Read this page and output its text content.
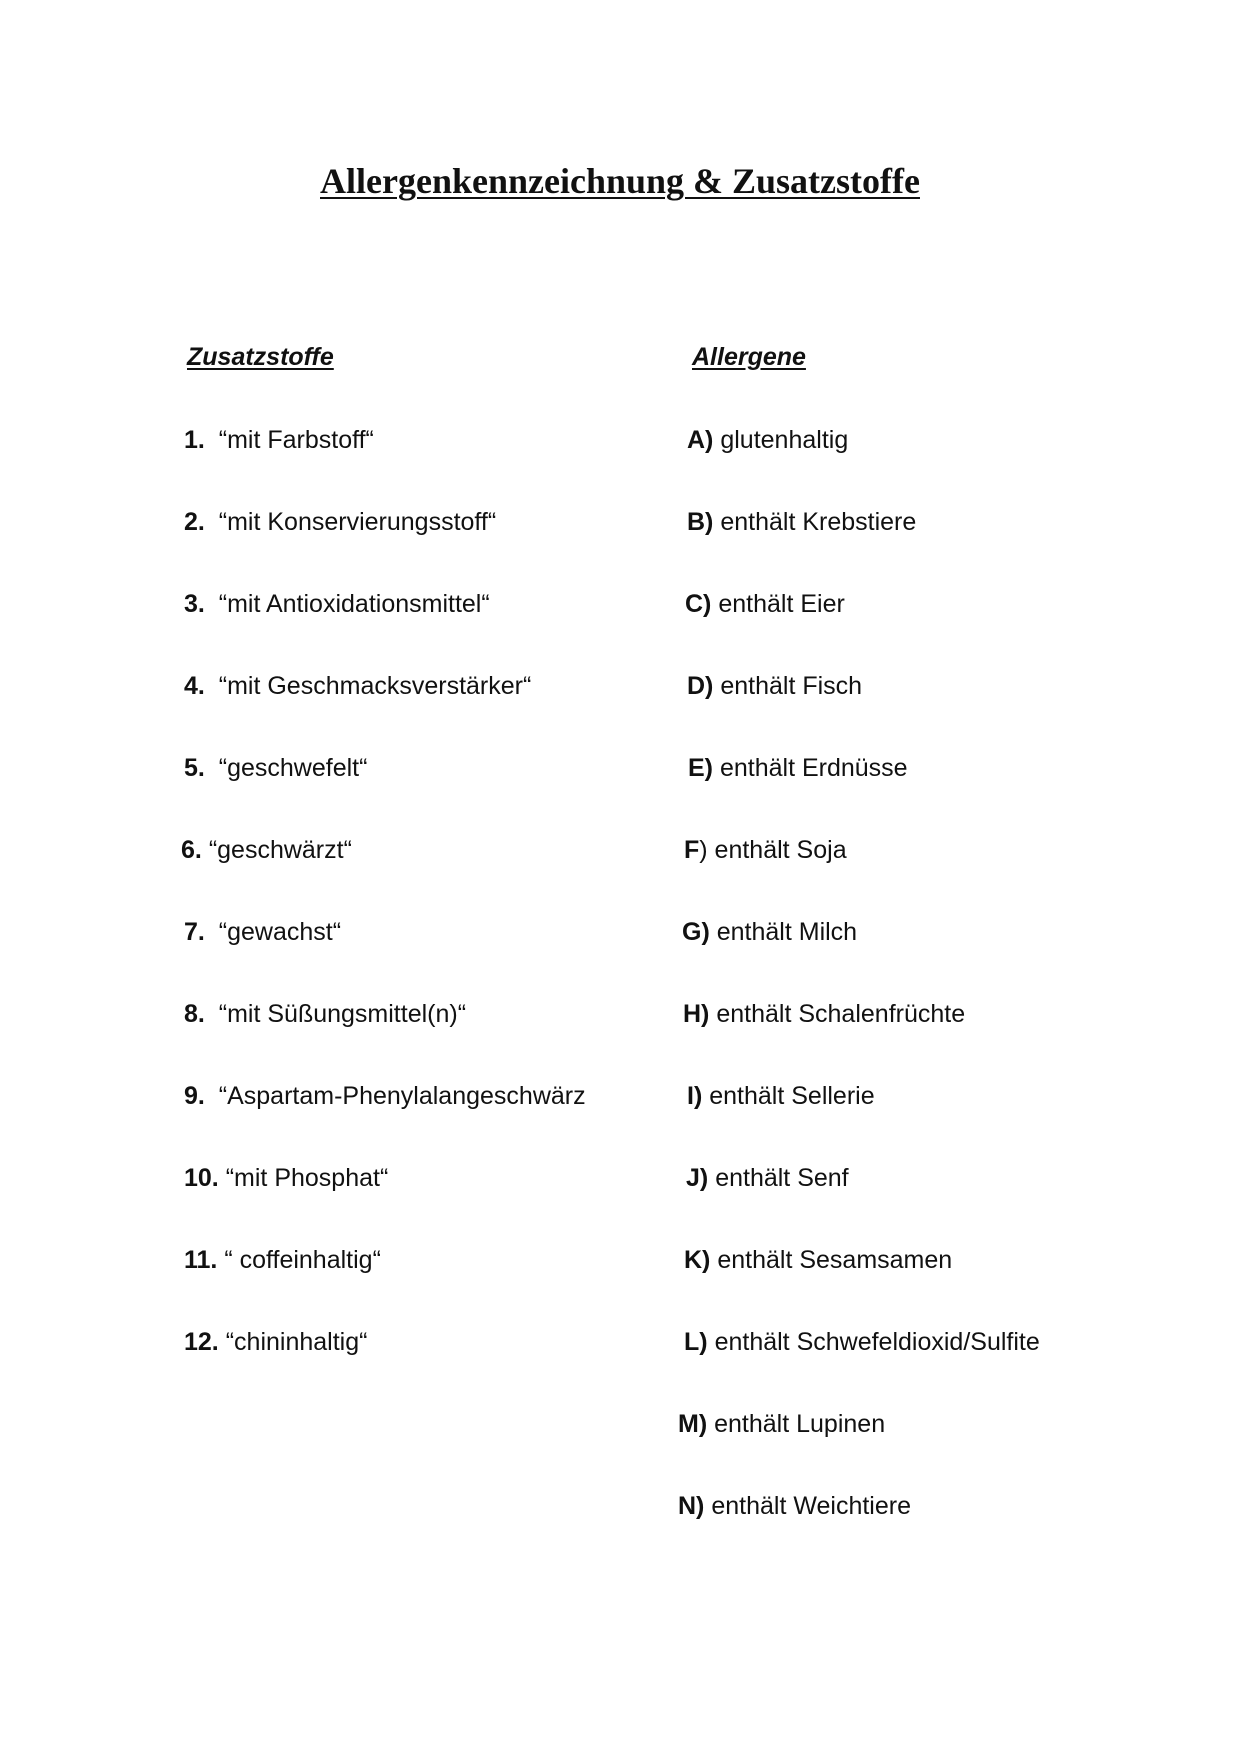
Allergenkennzeichnung & Zusatzstoffe
Zusatzstoffe	Allergene
1. “mit Farbstoff“
2. “mit Konservierungsstoff“
3. “mit Antioxidationsmittel“
4. “mit Geschmacksverstärker“
5. “geschwefelt“
6. “geschwärzt“
7. “gewachst“
8. “mit Süßungsmittel(n)“
9. “Aspartam-Phenylalangeschwärz
10. “mit Phosphat“
11. “ coffeinhaltig“
12. “chininhaltig“
A) glutenhaltig
B) enthält Krebstiere
C) enthält Eier
D) enthält Fisch
E) enthält Erdnüsse
F) enthält Soja
G) enthält Milch
H) enthält Schalenfrüchte
I) enthält Sellerie
J) enthält Senf
K) enthält Sesamsamen
L) enthält Schwefeldioxid/Sulfite
M) enthält Lupinen
N) enthält Weichtiere
